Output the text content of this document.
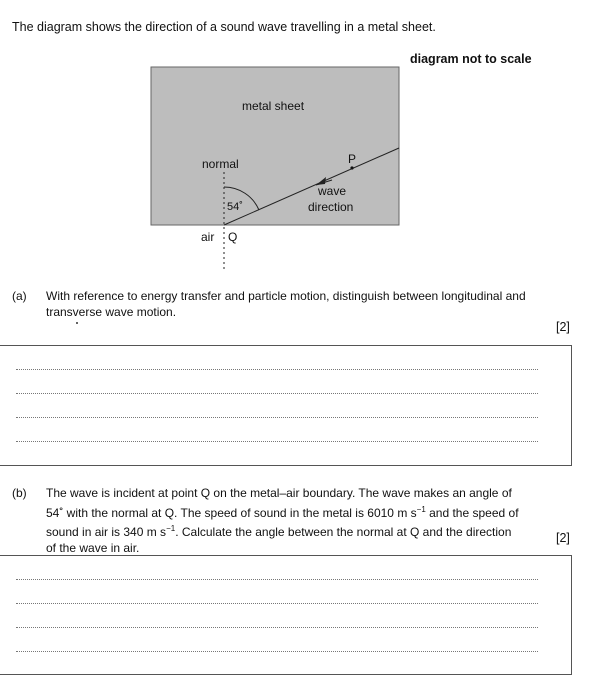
The diagram shows the direction of a sound wave travelling in a metal sheet.
diagram not to scale
metal sheet
normal	P
54˚
wave
direction
air Q
(a) With reference to energy transfer and particle motion, distinguish between longitudinal and transverse wave motion.
[2]
(b) The wave is incident at point Q on the metal–air boundary. The wave makes an angle of
54˚ with the normal at Q. The speed of sound in the metal is 6010 m $s^{-1}$ and the speed of
sound in air is 340 m $s^{-1}$. Calculate the angle between the normal at Q and the direction
of the wave in air.
[2]
